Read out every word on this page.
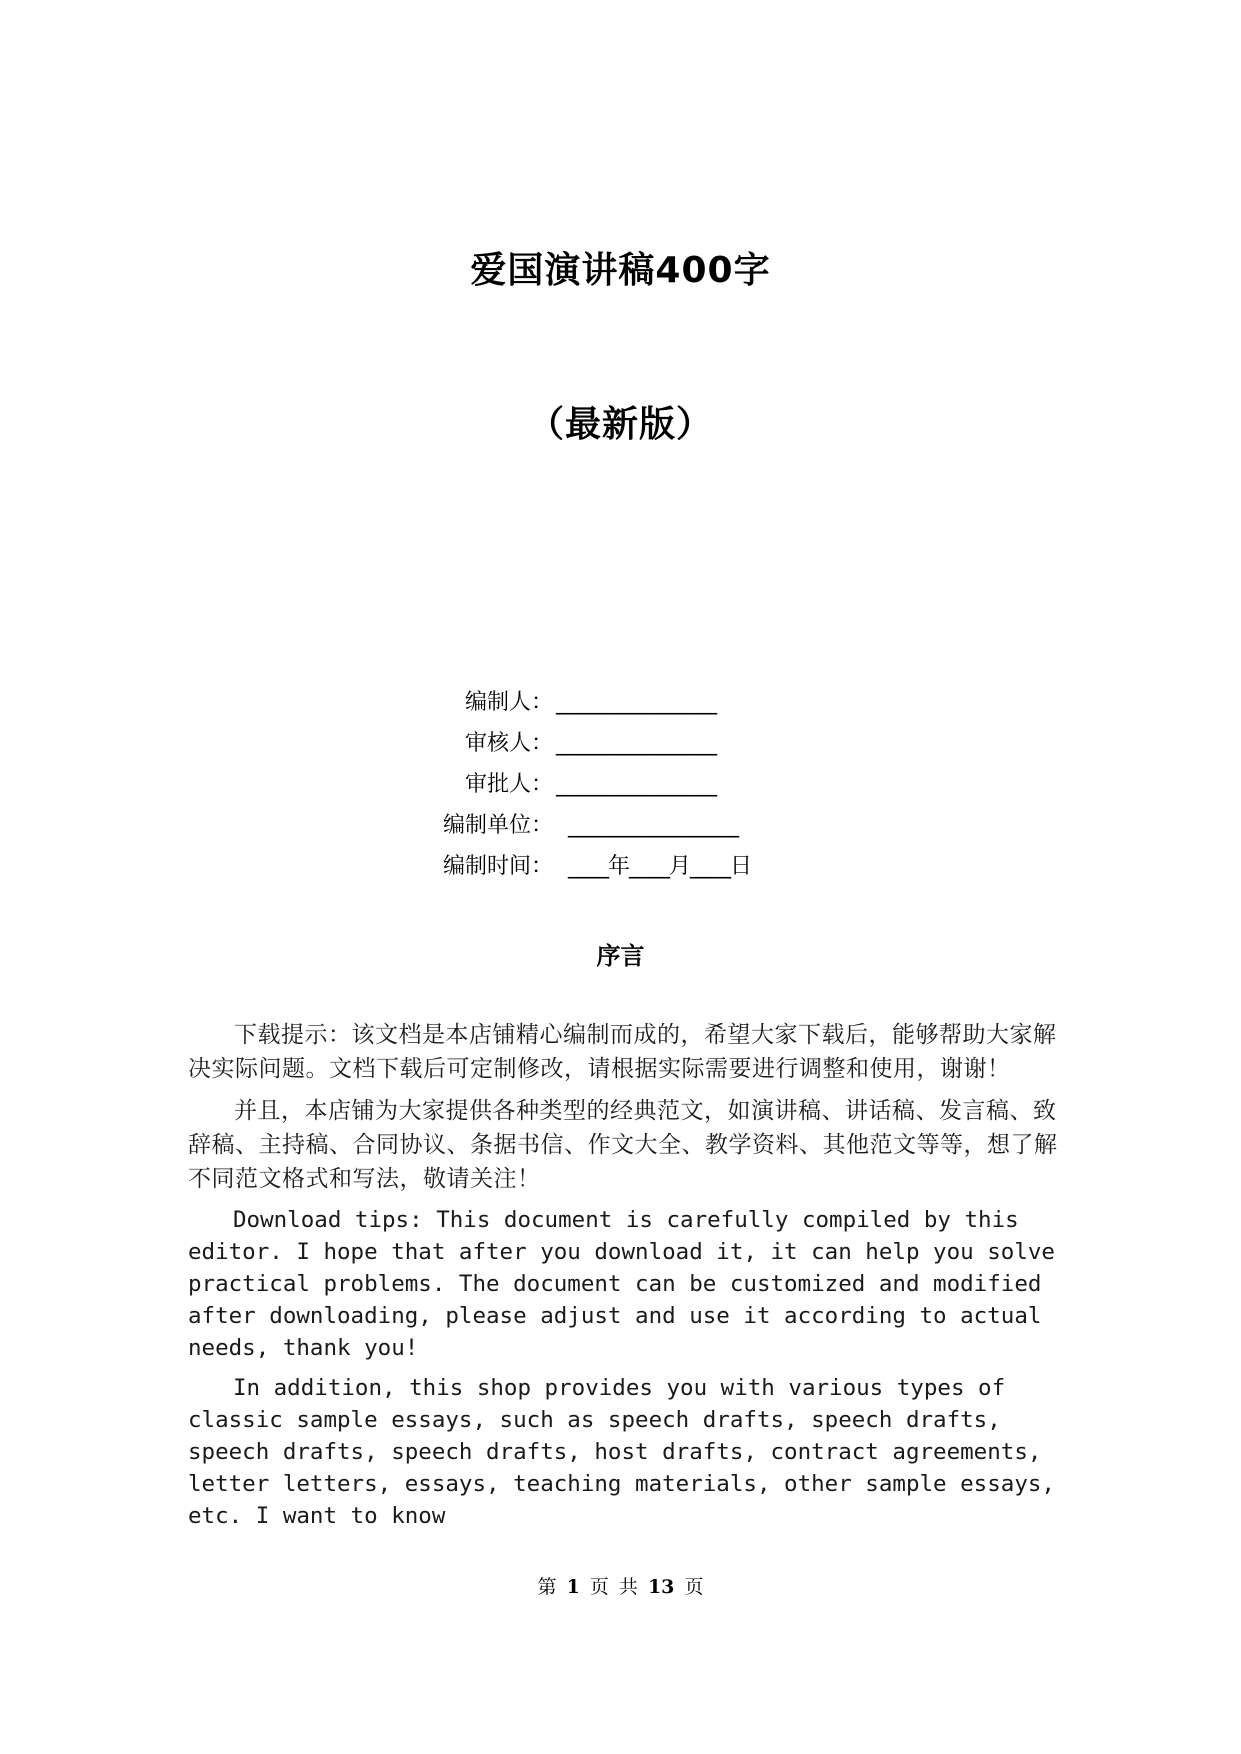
爱国演讲稿400字
（最新版）
编制人： ________________
审核人： ________________
审批人： ________________
编制单位： _________________
编制时间： ____年____月____日
序言

下载提示：该文档是本店铺精心编制而成的，希望大家下载后，能够帮助大家解决实际问题。文档下载后可定制修改，请根据实际需要进行调整和使用，谢谢！

并且，本店铺为大家提供各种类型的经典范文，如演讲稿、讲话稿、发言稿、致辞稿、主持稿、合同协议、条据书信、作文大全、教学资料、其他范文等等，想了解不同范文格式和写法，敬请关注！

Download tips: This document is carefully compiled by this editor. I hope that after you download it, it can help you solve practical problems. The document can be customized and modified after downloading, please adjust and use it according to actual needs, thank you!

In addition, this shop provides you with various types of classic sample essays, such as speech drafts, speech drafts, speech drafts, speech drafts, host drafts, contract agreements, letter letters, essays, teaching materials, other sample essays, etc. I want to know

第 1 页 共 13 页
